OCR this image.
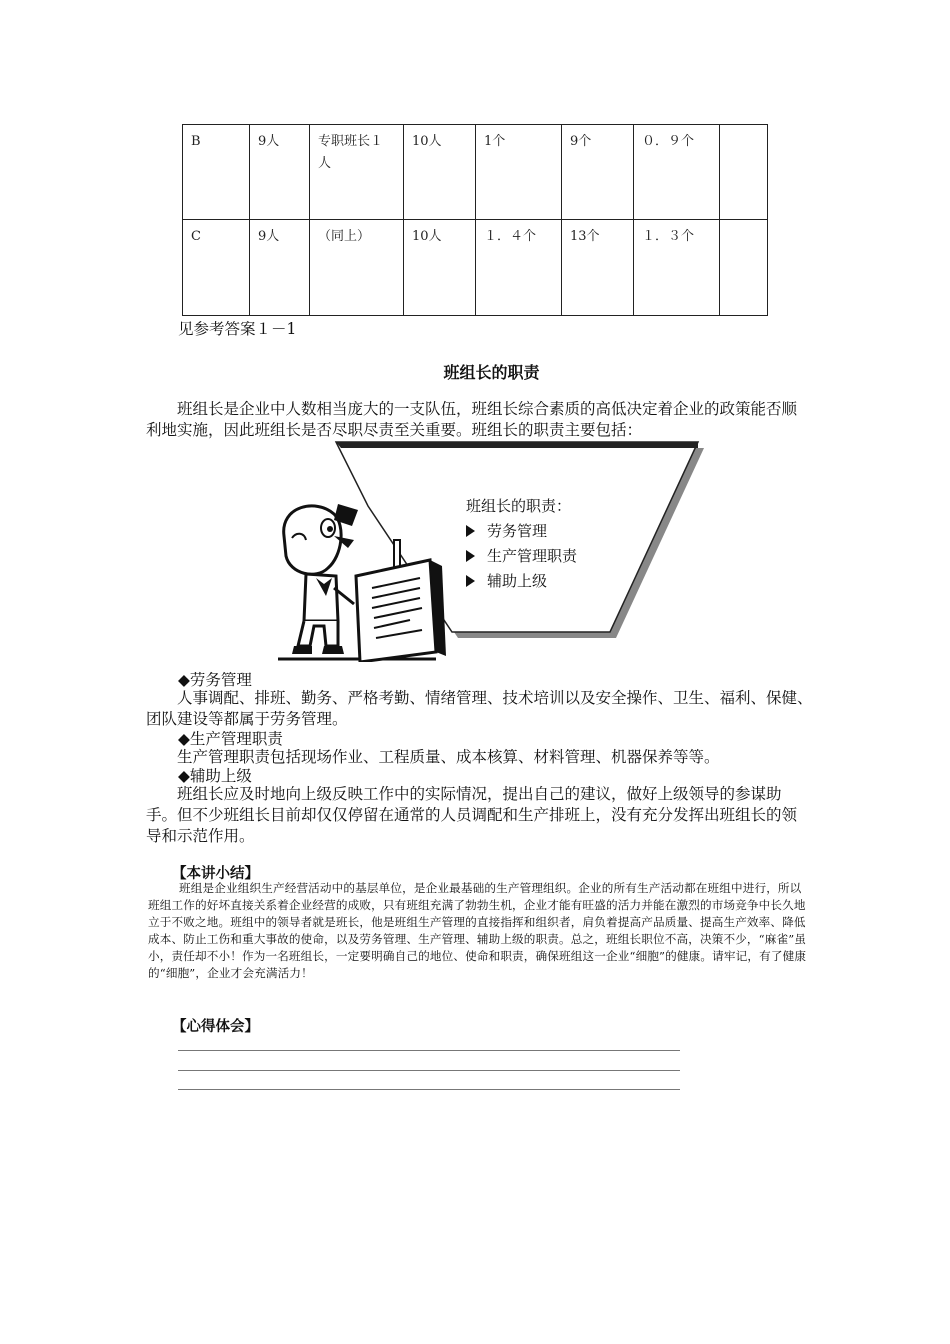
B	9人	专职班长１人	10人	1个	9个	０．９个	
C	9人	（同上）	10人	１．４个	13个	１．３个	
见参考答案１－1
班组长的职责
班组长是企业中人数相当庞大的一支队伍，班组长综合素质的高低决定着企业的政策能否顺利地实施，因此班组长是否尽职尽责至关重要。班组长的职责主要包括：
班组长的职责：
劳务管理
生产管理职责
辅助上级
◆劳务管理
人事调配、排班、勤务、严格考勤、情绪管理、技术培训以及安全操作、卫生、福利、保健、团队建设等都属于劳务管理。
◆生产管理职责
生产管理职责包括现场作业、工程质量、成本核算、材料管理、机器保养等等。
◆辅助上级
班组长应及时地向上级反映工作中的实际情况，提出自己的建议，做好上级领导的参谋助手。但不少班组长目前却仅仅停留在通常的人员调配和生产排班上，没有充分发挥出班组长的领导和示范作用。
【本讲小结】
班组是企业组织生产经营活动中的基层单位，是企业最基础的生产管理组织。企业的所有生产活动都在班组中进行，所以班组工作的好坏直接关系着企业经营的成败，只有班组充满了勃勃生机，企业才能有旺盛的活力并能在激烈的市场竞争中长久地立于不败之地。班组中的领导者就是班长，他是班组生产管理的直接指挥和组织者，肩负着提高产品质量、提高生产效率、降低成本、防止工伤和重大事故的使命，以及劳务管理、生产管理、辅助上级的职责。总之，班组长职位不高，决策不少，“麻雀”虽小，责任却不小！作为一名班组长，一定要明确自己的地位、使命和职责，确保班组这一企业“细胞”的健康。请牢记，有了健康的“细胞”，企业才会充满活力！
【心得体会】
